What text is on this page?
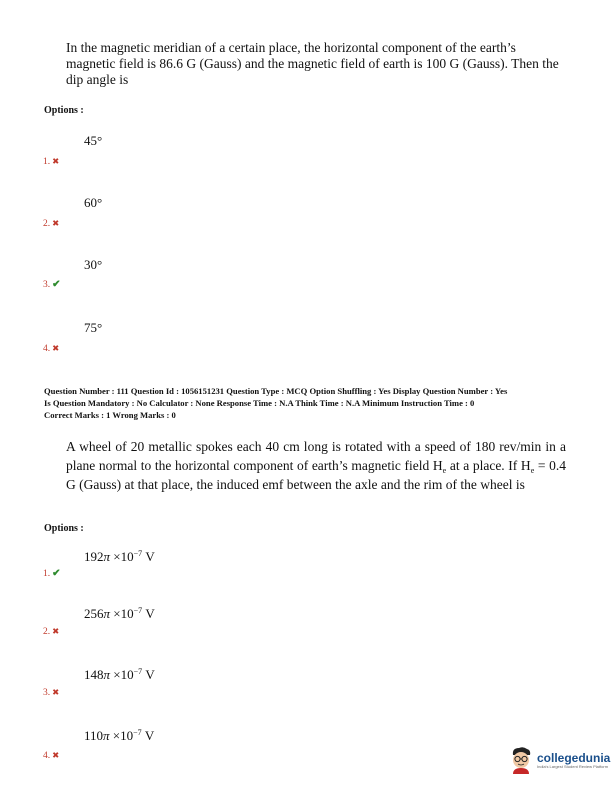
In the magnetic meridian of a certain place, the horizontal component of the earth’s magnetic field is 86.6 G (Gauss) and the magnetic field of earth is 100 G (Gauss). Then the dip angle is
Options :
45°
1. ✖
60°
2. ✖
30°
3. ✔
75°
4. ✖
Question Number : 111 Question Id : 1056151231 Question Type : MCQ Option Shuffling : Yes Display Question Number : Yes
Is Question Mandatory : No Calculator : None Response Time : N.A Think Time : N.A Minimum Instruction Time : 0
Correct Marks : 1 Wrong Marks : 0
A wheel of 20 metallic spokes each 40 cm long is rotated with a speed of 180 rev/min in a plane normal to the horizontal component of earth’s magnetic field $H_e$ at a place. If $H_e = 0.4$ G (Gauss) at that place, the induced emf between the axle and the rim of the wheel is
Options :
$192\pi \times 10^{-7}$ V
1. ✔
$256\pi \times 10^{-7}$ V
2. ✖
$148\pi \times 10^{-7}$ V
3. ✖
$110\pi \times 10^{-7}$ V
4. ✖	collegedunia
India's Largest Student Review Platform
